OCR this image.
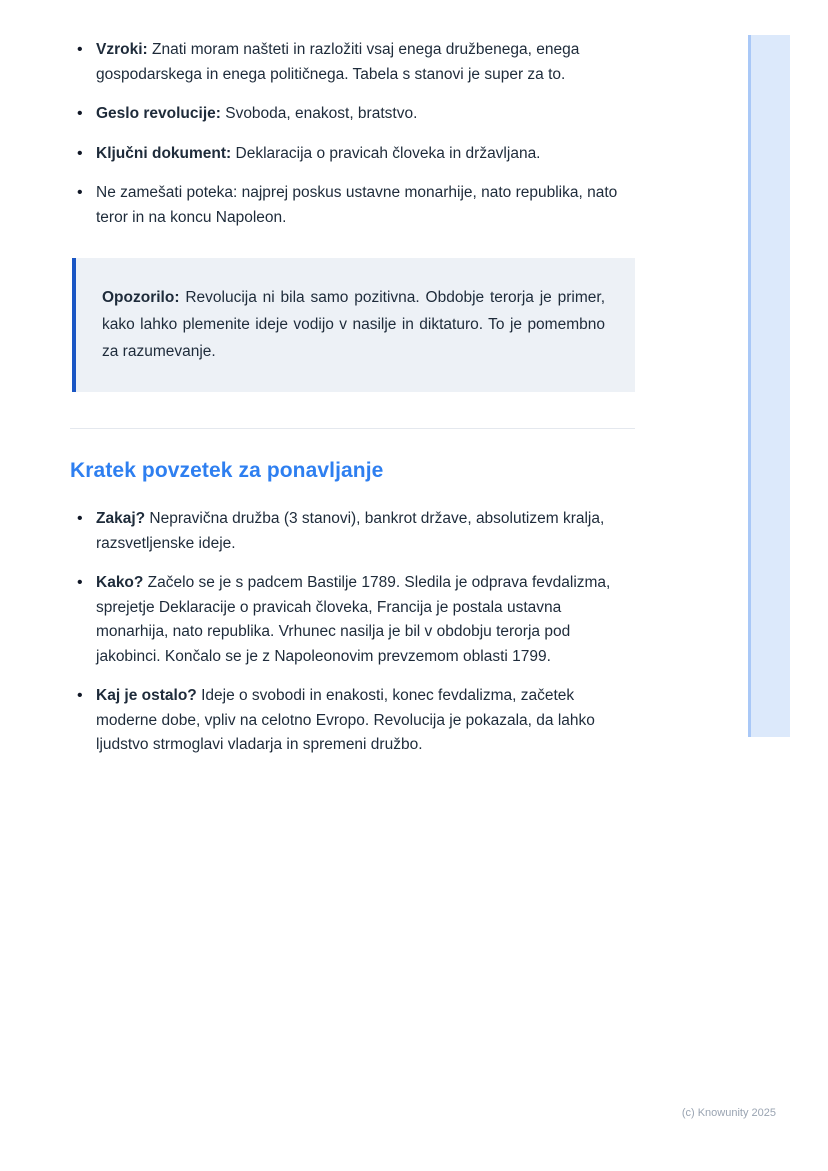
• Vzroki: Znati moram našteti in razložiti vsaj enega družbenega, enega gospodarskega in enega političnega. Tabela s stanovi je super za to.
• Geslo revolucije: Svoboda, enakost, bratstvo.
• Ključni dokument: Deklaracija o pravicah človeka in državljana.
• Ne zamešati poteka: najprej poskus ustavne monarhije, nato republika, nato teror in na koncu Napoleon.
Opozorilo: Revolucija ni bila samo pozitivna. Obdobje terorja je primer, kako lahko plemenite ideje vodijo v nasilje in diktaturo. To je pomembno za razumevanje.
Kratek povzetek za ponavljanje
• Zakaj? Nepravična družba (3 stanovi), bankrot države, absolutizem kralja, razsvetljenske ideje.
• Kako? Začelo se je s padcem Bastilje 1789. Sledila je odprava fevdalizma, sprejetje Deklaracije o pravicah človeka, Francija je postala ustavna monarhija, nato republika. Vrhunec nasilja je bil v obdobju terorja pod jakobinci. Končalo se je z Napoleonovim prevzemom oblasti 1799.
• Kaj je ostalo? Ideje o svobodi in enakosti, konec fevdalizma, začetek moderne dobe, vpliv na celotno Evropo. Revolucija je pokazala, da lahko ljudstvo strmoglavi vladarja in spremeni družbo.
(c) Knowunity 2025
